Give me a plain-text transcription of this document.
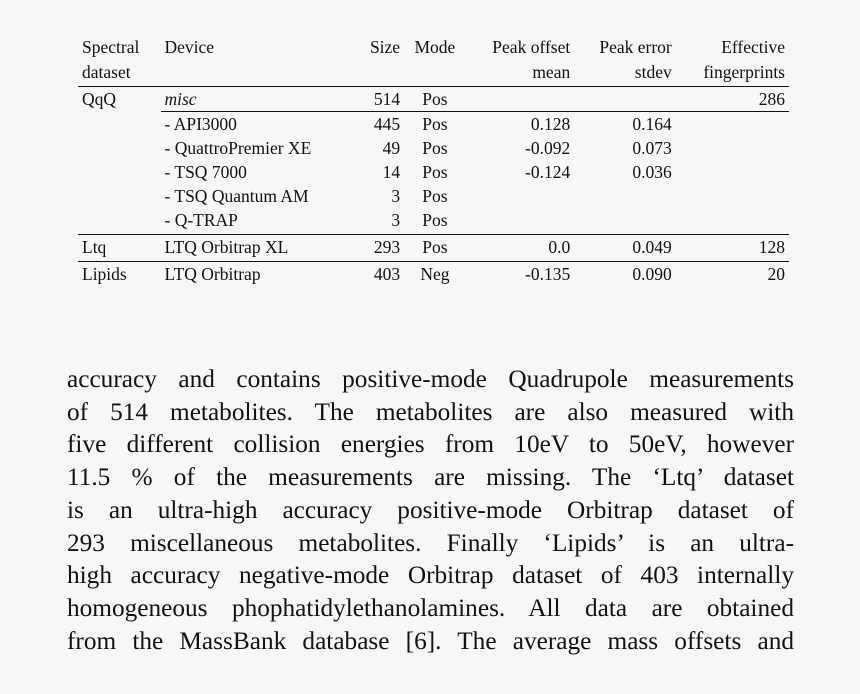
Spectral	Device	Size	Mode	Peak offset	Peak error	Effective
dataset				mean	stdev	fingerprints
QqQ	misc	514	Pos			286
	- API3000	445	Pos	0.128	0.164	
	- QuattroPremier XE	49	Pos	-0.092	0.073	
	- TSQ 7000	14	Pos	-0.124	0.036	
	- TSQ Quantum AM	3	Pos			
	- Q-TRAP	3	Pos			
Ltq	LTQ Orbitrap XL	293	Pos	0.0	0.049	128
Lipids	LTQ Orbitrap	403	Neg	-0.135	0.090	20
accuracy and contains positive-mode Quadrupole measurements
of 514 metabolites. The metabolites are also measured with
five different collision energies from 10eV to 50eV, however
11.5 % of the measurements are missing. The ‘Ltq’ dataset
is an ultra-high accuracy positive-mode Orbitrap dataset of
293 miscellaneous metabolites. Finally ‘Lipids’ is an ultra-
high accuracy negative-mode Orbitrap dataset of 403 internally
homogeneous phophatidylethanolamines. All data are obtained
from the MassBank database [6]. The average mass offsets and
